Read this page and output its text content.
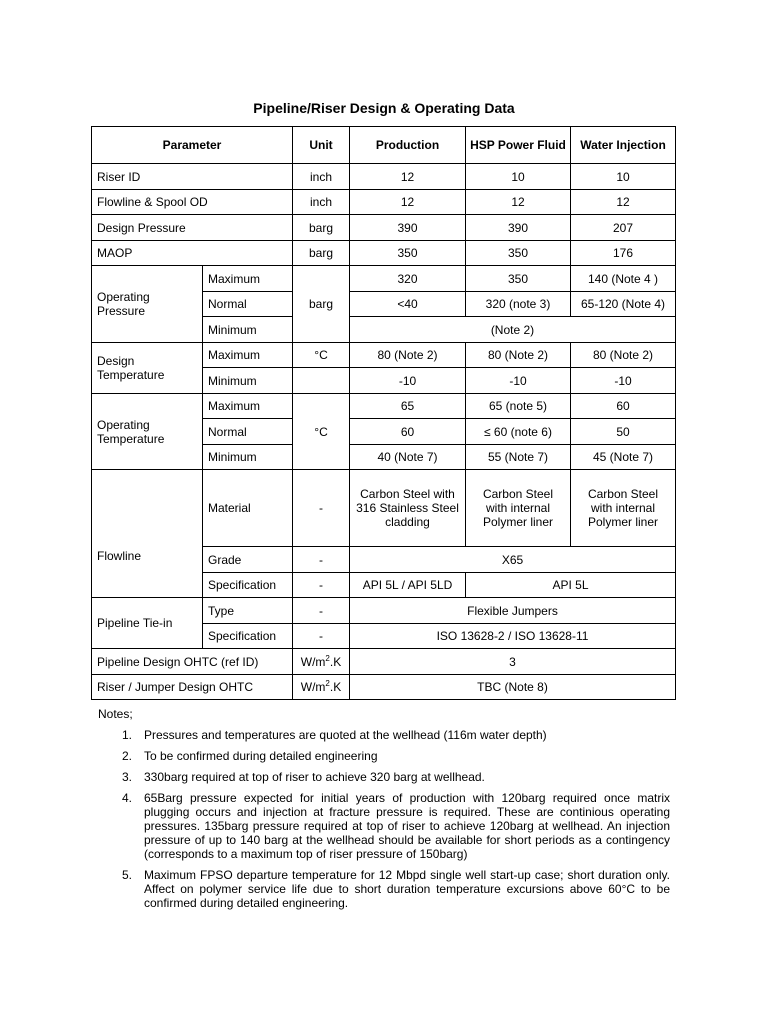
Pipeline/Riser Design & Operating Data
Parameter		Unit	Production	HSP Power Fluid	Water Injection
Riser ID		inch	12	10	10
Flowline & Spool OD		inch	12	12	12
Design Pressure		barg	390	390	207
MAOP		barg	350	350	176
Operating Pressure	Maximum	barg	320	350	140 (Note 4 )
	Normal		<40	320 (note 3)	65-120 (Note 4)
	Minimum		(Note 2)		
Design Temperature	Maximum	°C	80 (Note 2)	80 (Note 2)	80 (Note 2)
	Minimum		-10	-10	-10
Operating Temperature	Maximum	°C	65	65 (note 5)	60
	Normal		60	≤ 60 (note 6)	50
	Minimum		40 (Note 7)	55 (Note 7)	45 (Note 7)
Flowline	Material	-	Carbon Steel with 316 Stainless Steel cladding	Carbon Steel with internal Polymer liner	Carbon Steel with internal Polymer liner
	Grade	-	X65		
	Specification	-	API 5L / API 5LD	API 5L	
Pipeline Tie-in	Type	-	Flexible Jumpers		
	Specification	-	ISO 13628-2 / ISO 13628-11		
Pipeline Design OHTC (ref ID)		$W/m^2.K$	3		
Riser / Jumper Design OHTC		$W/m^2.K$	TBC (Note 8)		
Notes;
1. Pressures and temperatures are quoted at the wellhead (116m water depth)
2. To be confirmed during detailed engineering
3. 330barg required at top of riser to achieve 320 barg at wellhead.
4. 65Barg pressure expected for initial years of production with 120barg required once matrix plugging occurs and injection at fracture pressure is required. These are continious operating pressures. 135barg pressure required at top of riser to achieve 120barg at wellhead. An injection pressure of up to 140 barg at the wellhead should be available for short periods as a contingency (corresponds to a maximum top of riser pressure of 150barg)
5. Maximum FPSO departure temperature for 12 Mbpd single well start-up case; short duration only. Affect on polymer service life due to short duration temperature excursions above 60°C to be confirmed during detailed engineering.
